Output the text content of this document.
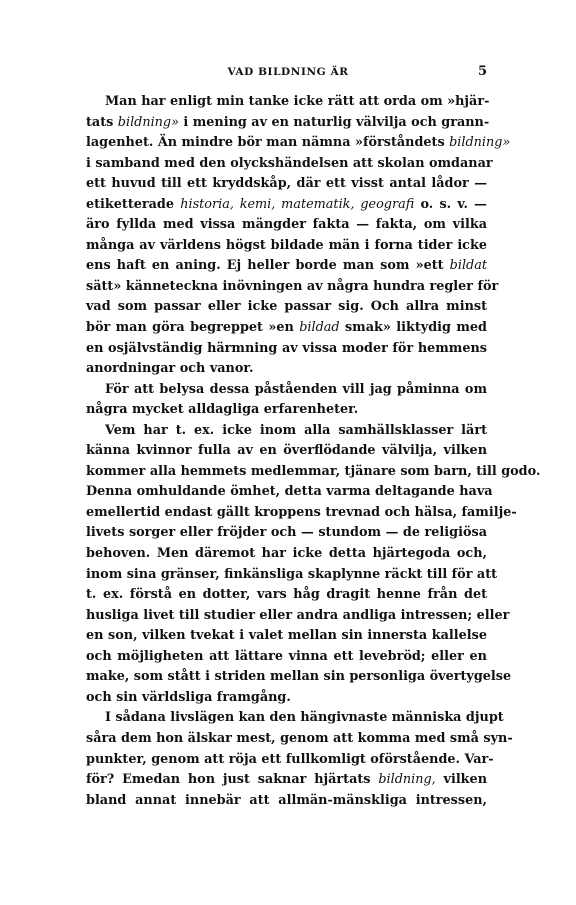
VAD BILDNING ÄR	5
Man har enligt min tanke icke rätt att orda om »hjär-
tats bildning» i mening av en naturlig välvilja och grann-
lagenhet. Än mindre bör man nämna »förståndets bildning»
i samband med den olyckshändelsen att skolan omdanar
ett huvud till ett kryddskåp, där ett visst antal lådor —
etiketterade historia, kemi, matematik, geografi o. s. v. —
äro fyllda med vissa mängder fakta — fakta, om vilka
många av världens högst bildade män i forna tider icke
ens haft en aning. Ej heller borde man som »ett bildat
sätt» känneteckna inövningen av några hundra regler för
vad som passar eller icke passar sig. Och allra minst
bör man göra begreppet »en bildad smak» liktydig med
en osjälvständig härmning av vissa moder för hemmens
anordningar och vanor.
För att belysa dessa påståenden vill jag påminna om
några mycket alldagliga erfarenheter.
Vem har t. ex. icke inom alla samhällsklasser lärt
känna kvinnor fulla av en överflödande välvilja, vilken
kommer alla hemmets medlemmar, tjänare som barn, till godo.
Denna omhuldande ömhet, detta varma deltagande hava
emellertid endast gällt kroppens trevnad och hälsa, familje-
livets sorger eller fröjder och — stundom — de religiösa
behoven. Men däremot har icke detta hjärtegoda och,
inom sina gränser, finkänsliga skaplynne räckt till för att
t. ex. förstå en dotter, vars håg dragit henne från det
husliga livet till studier eller andra andliga intressen; eller
en son, vilken tvekat i valet mellan sin innersta kallelse
och möjligheten att lättare vinna ett levebröd; eller en
make, som stått i striden mellan sin personliga övertygelse
och sin världsliga framgång.
I sådana livslägen kan den hängivnaste människa djupt
såra dem hon älskar mest, genom att komma med små syn-
punkter, genom att röja ett fullkomligt oförstående. Var-
för? Emedan hon just saknar hjärtats bildning, vilken
bland annat innebär att allmän-mänskliga intressen,
